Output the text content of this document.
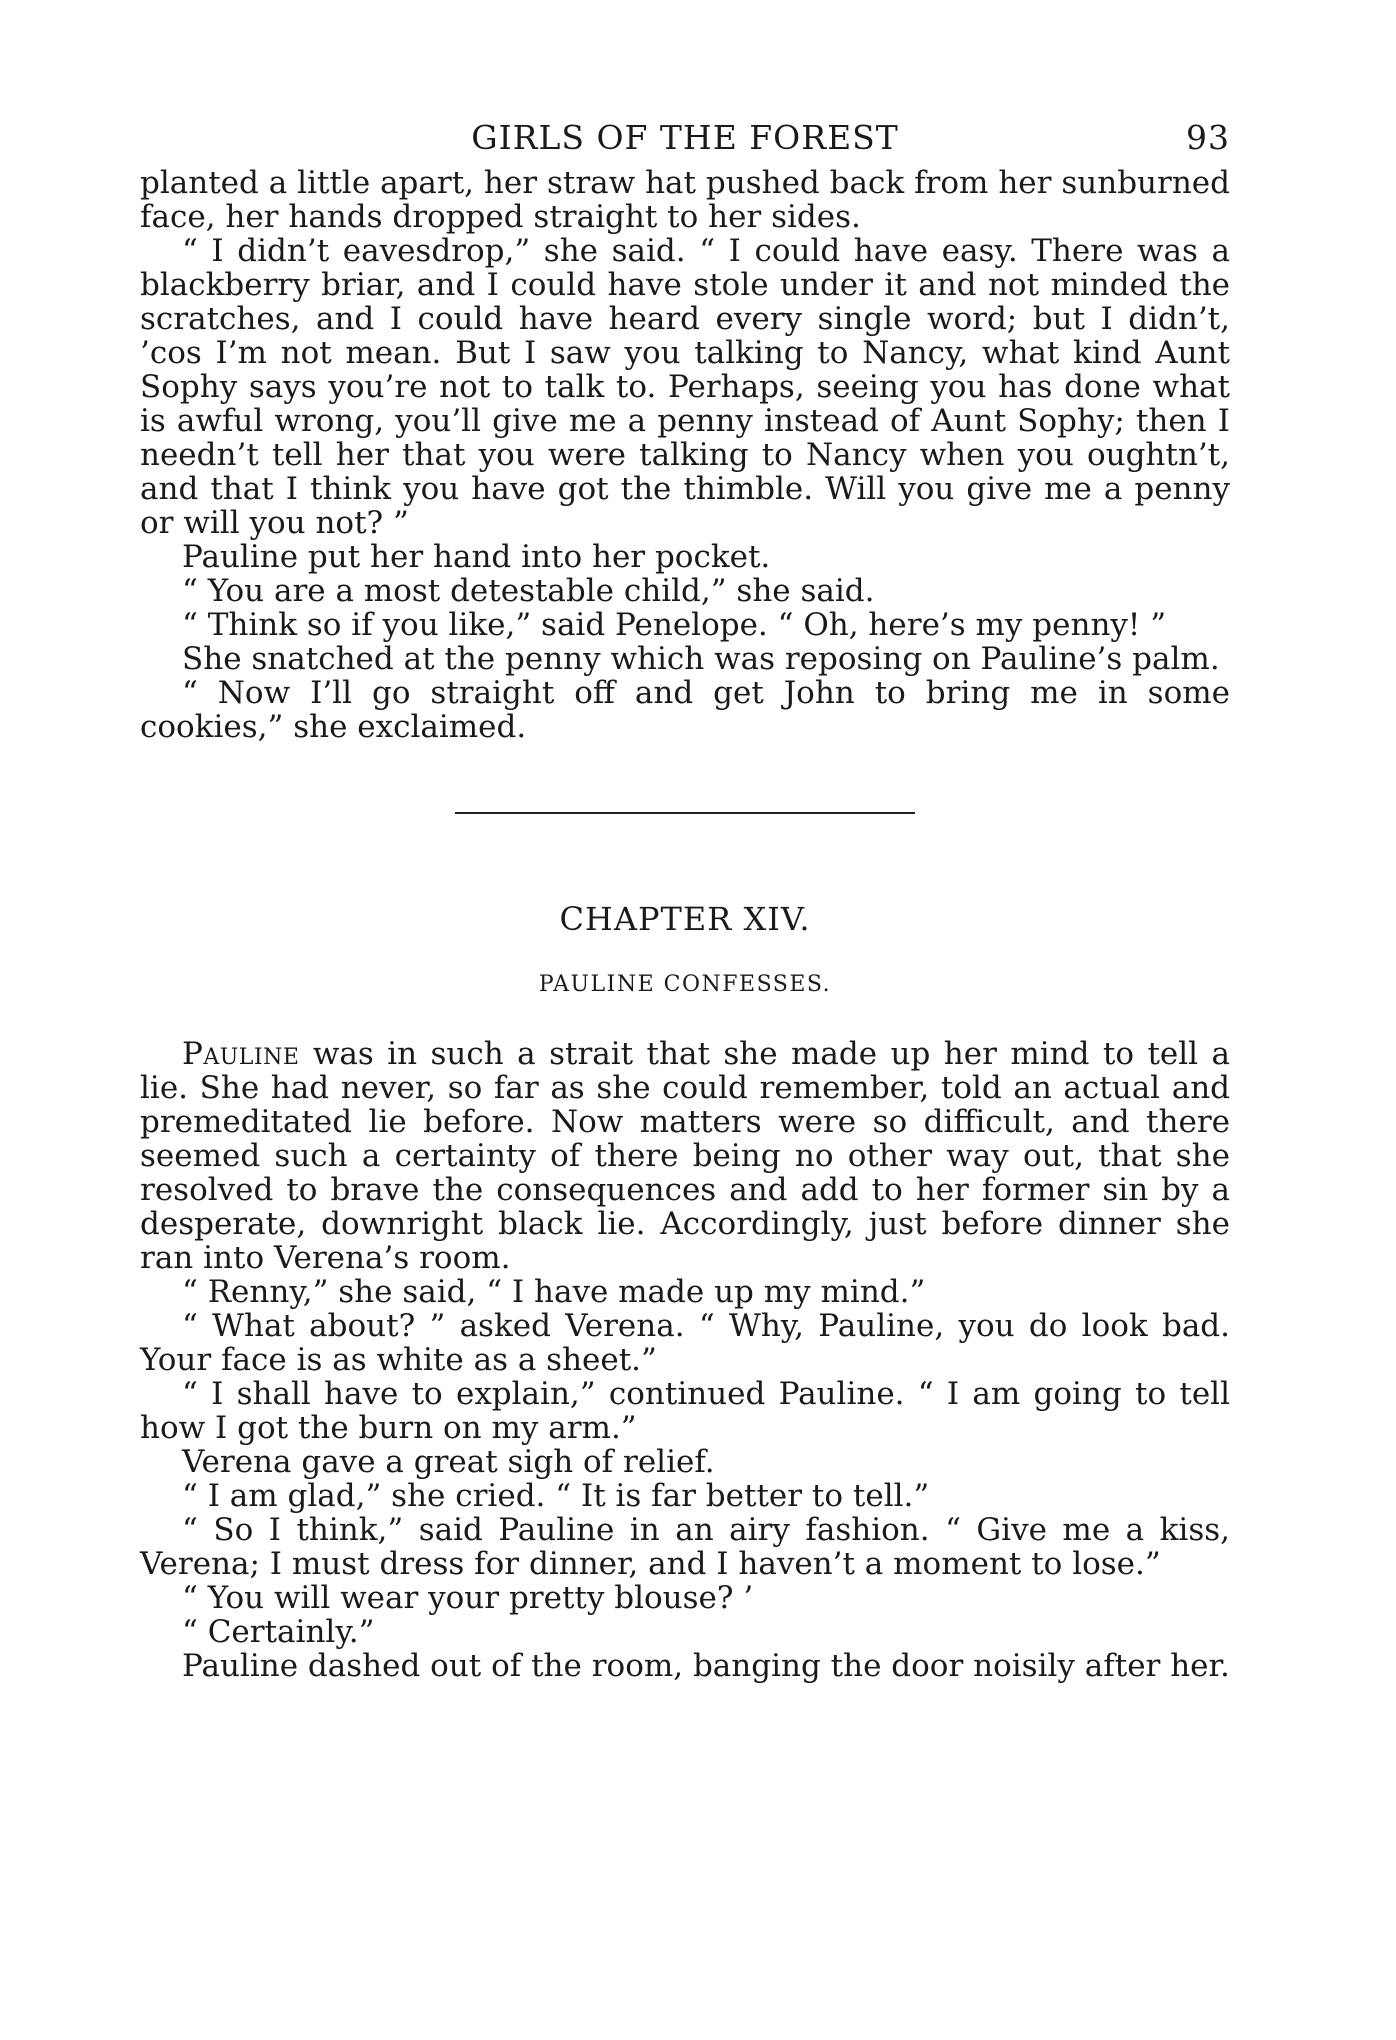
GIRLS OF THE FOREST	93

planted a little apart, her straw hat pushed back from her sunburned face, her hands dropped straight to her sides.

“ I didn’t eavesdrop,” she said. “ I could have easy. There was a blackberry briar, and I could have stole under it and not minded the scratches, and I could have heard every single word; but I didn’t, ’cos I’m not mean. But I saw you talking to Nancy, what kind Aunt Sophy says you’re not to talk to. Perhaps, seeing you has done what is awful wrong, you’ll give me a penny instead of Aunt Sophy; then I needn’t tell her that you were talking to Nancy when you oughtn’t, and that I think you have got the thimble. Will you give me a penny or will you not? ”

Pauline put her hand into her pocket.

“ You are a most detestable child,” she said.

“ Think so if you like,” said Penelope. “ Oh, here’s my penny! ”

She snatched at the penny which was reposing on Pauline’s palm.

“ Now I’ll go straight off and get John to bring me in some cookies,” she exclaimed.

CHAPTER XIV.
PAULINE CONFESSES.

Pauline was in such a strait that she made up her mind to tell a lie. She had never, so far as she could remember, told an actual and premeditated lie before. Now matters were so difficult, and there seemed such a certainty of there being no other way out, that she resolved to brave the consequences and add to her former sin by a desperate, downright black lie. Accordingly, just before dinner she ran into Verena’s room.

“ Renny,” she said, “ I have made up my mind.”

“ What about? ” asked Verena. “ Why, Pauline, you do look bad. Your face is as white as a sheet.”

“ I shall have to explain,” continued Pauline. “ I am going to tell how I got the burn on my arm.”

Verena gave a great sigh of relief.

“ I am glad,” she cried. “ It is far better to tell.”

“ So I think,” said Pauline in an airy fashion. “ Give me a kiss, Verena; I must dress for dinner, and I haven’t a moment to lose.”

“ You will wear your pretty blouse? ’

“ Certainly.”

Pauline dashed out of the room, banging the door noisily after her.
